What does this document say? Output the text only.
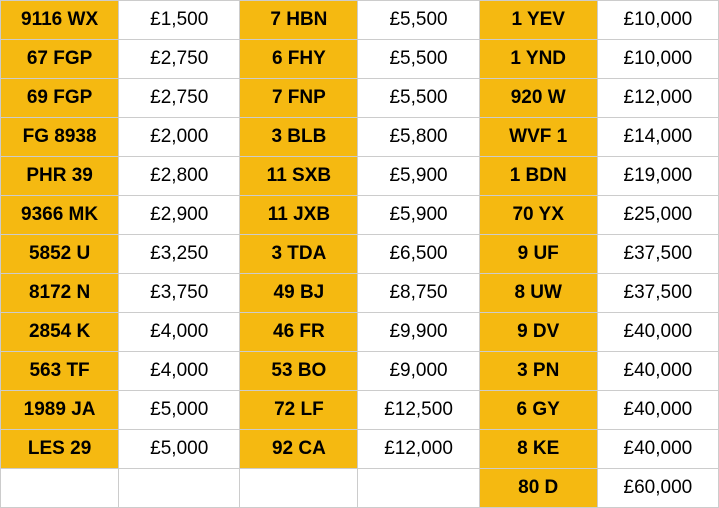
9116 WX	£1,500	7 HBN	£5,500	1 YEV	£10,000
67 FGP	£2,750	6 FHY	£5,500	1 YND	£10,000
69 FGP	£2,750	7 FNP	£5,500	920 W	£12,000
FG 8938	£2,000	3 BLB	£5,800	WVF 1	£14,000
PHR 39	£2,800	11 SXB	£5,900	1 BDN	£19,000
9366 MK	£2,900	11 JXB	£5,900	70 YX	£25,000
5852 U	£3,250	3 TDA	£6,500	9 UF	£37,500
8172 N	£3,750	49 BJ	£8,750	8 UW	£37,500
2854 K	£4,000	46 FR	£9,900	9 DV	£40,000
563 TF	£4,000	53 BO	£9,000	3 PN	£40,000
1989 JA	£5,000	72 LF	£12,500	6 GY	£40,000
LES 29	£5,000	92 CA	£12,000	8 KE	£40,000
				80 D	£60,000
